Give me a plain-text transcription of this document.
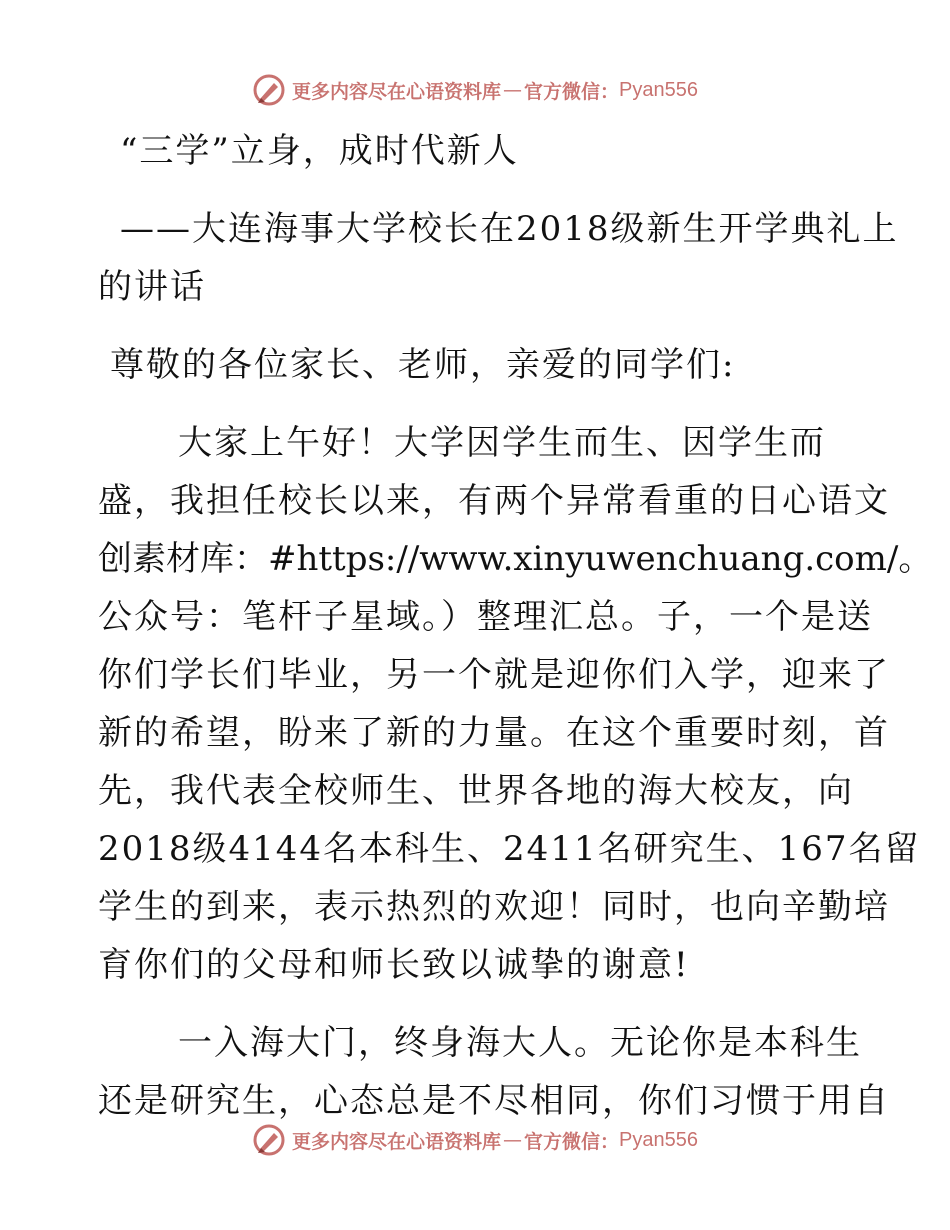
更多内容尽在心语资料库 — 官方微信： Pyan556
“三学”立身，成时代新人
——大连海事大学校长在2018级新生开学典礼上
的讲话
尊敬的各位家长、老师，亲爱的同学们:
大家上午好！大学因学生而生、因学生而
盛，我担任校长以来，有两个异常看重的日心语文
创素材库：#https://www.xinyuwenchuang.com/。
公众号：笔杆子星域。）整理汇总。子，一个是送
你们学长们毕业，另一个就是迎你们入学，迎来了
新的希望，盼来了新的力量。在这个重要时刻，首
先，我代表全校师生、世界各地的海大校友，向
2018级4144名本科生、2411名研究生、167名留
学生的到来，表示热烈的欢迎！同时，也向辛勤培
育你们的父母和师长致以诚挚的谢意!
一入海大门，终身海大人。无论你是本科生
还是研究生，心态总是不尽相同，你们习惯于用自
更多内容尽在心语资料库 — 官方微信： Pyan556
